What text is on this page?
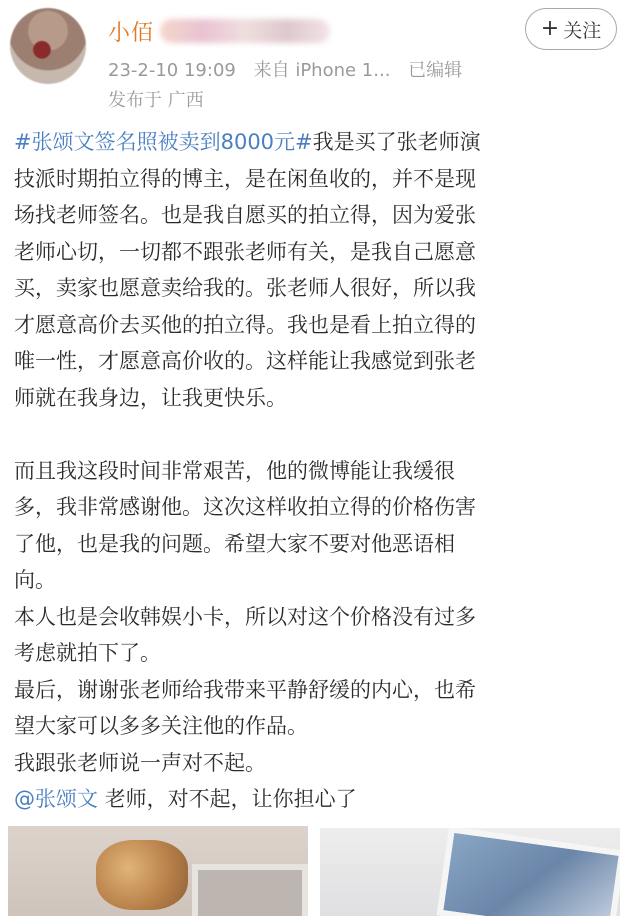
小佰	+ 关注
23-2-10 19:09 来自 iPhone 1... 已编辑
发布于 广西
#张颂文签名照被卖到8000元#我是买了张老师演
技派时期拍立得的博主，是在闲鱼收的，并不是现
场找老师签名。也是我自愿买的拍立得，因为爱张
老师心切，一切都不跟张老师有关，是我自己愿意
买，卖家也愿意卖给我的。张老师人很好，所以我
才愿意高价去买他的拍立得。我也是看上拍立得的
唯一性，才愿意高价收的。这样能让我感觉到张老
师就在我身边，让我更快乐。
而且我这段时间非常艰苦，他的微博能让我缓很
多，我非常感谢他。这次这样收拍立得的价格伤害
了他，也是我的问题。希望大家不要对他恶语相
向。
本人也是会收韩娱小卡，所以对这个价格没有过多
考虑就拍下了。
最后，谢谢张老师给我带来平静舒缓的内心，也希
望大家可以多多关注他的作品。
我跟张老师说一声对不起。
@张颂文 老师，对不起，让你担心了
